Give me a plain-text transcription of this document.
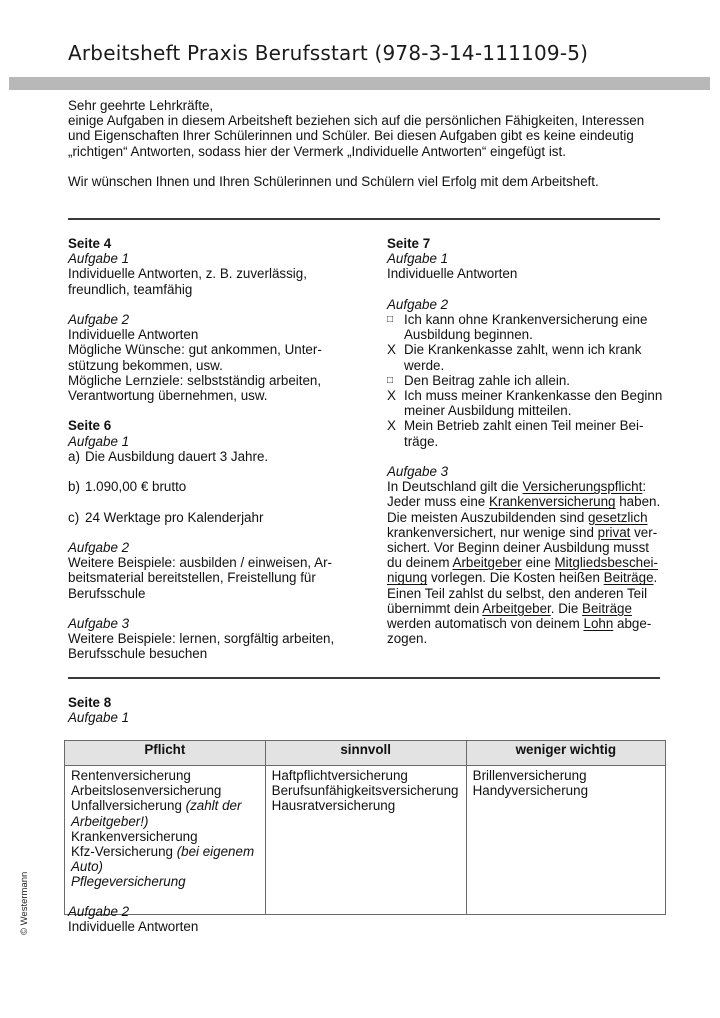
Arbeitsheft Praxis Berufsstart (978-3-14-111109-5)

Sehr geehrte Lehrkräfte,

einige Aufgaben in diesem Arbeitsheft beziehen sich auf die persönlichen Fähigkeiten, Interessen

und Eigenschaften Ihrer Schülerinnen und Schüler. Bei diesen Aufgaben gibt es keine eindeutig

„richtigen“ Antworten, sodass hier der Vermerk „Individuelle Antworten“ eingefügt ist.

Wir wünschen Ihnen und Ihren Schülerinnen und Schülern viel Erfolg mit dem Arbeitsheft.

Seite 4
Aufgabe 1
Individuelle Antworten, z. B. zuverlässig,
freundlich, teamfähig
Aufgabe 2
Individuelle Antworten
Mögliche Wünsche: gut ankommen, Unter-
stützung bekommen, usw.
Mögliche Lernziele: selbstständig arbeiten,
Verantwortung übernehmen, usw.
Seite 6
Aufgabe 1
a) Die Ausbildung dauert 3 Jahre.
b) 1.090,00 € brutto
c) 24 Werktage pro Kalenderjahr
Aufgabe 2
Weitere Beispiele: ausbilden / einweisen, Ar-
beitsmaterial bereitstellen, Freistellung für
Berufsschule
Aufgabe 3
Weitere Beispiele: lernen, sorgfältig arbeiten,
Berufsschule besuchen
Seite 7
Aufgabe 1
Individuelle Antworten
Aufgabe 2
□ Ich kann ohne Krankenversicherung eine
Ausbildung beginnen.
X Die Krankenkasse zahlt, wenn ich krank
werde.
□ Den Beitrag zahle ich allein.
X Ich muss meiner Krankenkasse den Beginn
meiner Ausbildung mitteilen.
X Mein Betrieb zahlt einen Teil meiner Bei-
träge.
Aufgabe 3
In Deutschland gilt die Versicherungspflicht:
Jeder muss eine Krankenversicherung haben.
Die meisten Auszubildenden sind gesetzlich
krankenversichert, nur wenige sind privat ver-
sichert. Vor Beginn deiner Ausbildung musst
du deinem Arbeitgeber eine Mitgliedsbeschei-
nigung vorlegen. Die Kosten heißen Beiträge.
Einen Teil zahlst du selbst, den anderen Teil
übernimmt dein Arbeitgeber. Die Beiträge
werden automatisch von deinem Lohn abge-
zogen.
Seite 8
Aufgabe 1
Pflicht	sinnvoll	weniger wichtig

Rentenversicherung
Arbeitslosenversicherung
Unfallversicherung (zahlt der Arbeitgeber!)
Krankenversicherung
Kfz-Versicherung (bei eigenem Auto)
Pflegeversicherung

Haftpflichtversicherung
Berufsunfähigkeitsversicherung
Hausratversicherung

Brillenversicherung
Handyversicherung
Aufgabe 2
Individuelle Antworten
© Westermann
